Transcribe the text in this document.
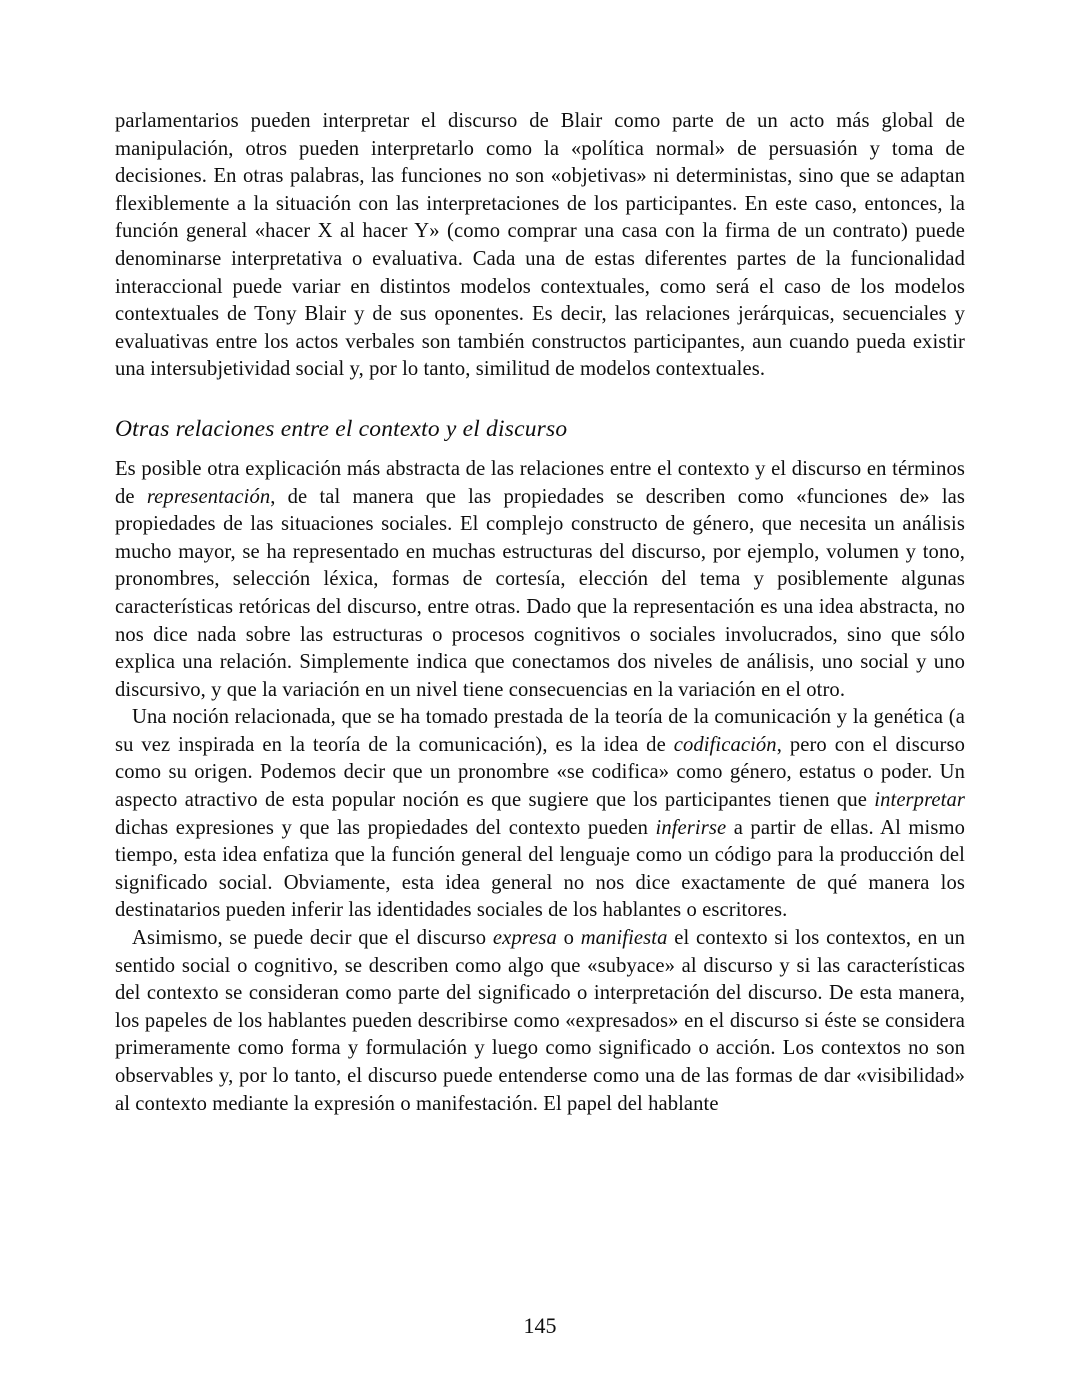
parlamentarios pueden interpretar el discurso de Blair como parte de un acto más global de manipulación, otros pueden interpretarlo como la «política normal» de persuasión y toma de decisiones. En otras palabras, las funciones no son «objetivas» ni deterministas, sino que se adaptan flexiblemente a la situación con las interpretaciones de los participantes. En este caso, entonces, la función general «hacer X al hacer Y» (como comprar una casa con la firma de un contrato) puede denominarse interpretativa o evaluativa. Cada una de estas diferentes partes de la funcionalidad interaccional puede variar en distintos modelos contextuales, como será el caso de los modelos contextuales de Tony Blair y de sus oponentes. Es decir, las relaciones jerárquicas, secuenciales y evaluativas entre los actos verbales son también constructos participantes, aun cuando pueda existir una intersubjetividad social y, por lo tanto, similitud de modelos contextuales.

Otras relaciones entre el contexto y el discurso

Es posible otra explicación más abstracta de las relaciones entre el contexto y el discurso en términos de representación, de tal manera que las propiedades se describen como «funciones de» las propiedades de las situaciones sociales. El complejo constructo de género, que necesita un análisis mucho mayor, se ha representado en muchas estructuras del discurso, por ejemplo, volumen y tono, pronombres, selección léxica, formas de cortesía, elección del tema y posiblemente algunas características retóricas del discurso, entre otras. Dado que la representación es una idea abstracta, no nos dice nada sobre las estructuras o procesos cognitivos o sociales involucrados, sino que sólo explica una relación. Simplemente indica que conectamos dos niveles de análisis, uno social y uno discursivo, y que la variación en un nivel tiene consecuencias en la variación en el otro.

Una noción relacionada, que se ha tomado prestada de la teoría de la comunicación y la genética (a su vez inspirada en la teoría de la comunicación), es la idea de codificación, pero con el discurso como su origen. Podemos decir que un pronombre «se codifica» como género, estatus o poder. Un aspecto atractivo de esta popular noción es que sugiere que los participantes tienen que interpretar dichas expresiones y que las propiedades del contexto pueden inferirse a partir de ellas. Al mismo tiempo, esta idea enfatiza que la función general del lenguaje como un código para la producción del significado social. Obviamente, esta idea general no nos dice exactamente de qué manera los destinatarios pueden inferir las identidades sociales de los hablantes o escritores.

Asimismo, se puede decir que el discurso expresa o manifiesta el contexto si los contextos, en un sentido social o cognitivo, se describen como algo que «subyace» al discurso y si las características del contexto se consideran como parte del significado o interpretación del discurso. De esta manera, los papeles de los hablantes pueden describirse como «expresados» en el discurso si éste se considera primeramente como forma y formulación y luego como significado o acción. Los contextos no son observables y, por lo tanto, el discurso puede entenderse como una de las formas de dar «visibilidad» al contexto mediante la expresión o manifestación. El papel del hablante

145
